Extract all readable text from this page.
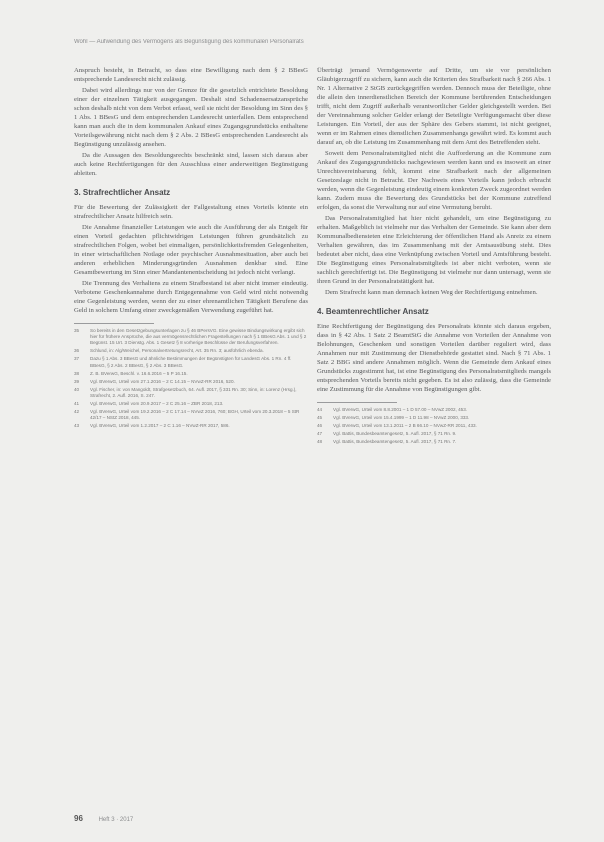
Wohl — Aufwendung des Vermögens als Begünstigung des kommunalen Personalrats

Anspruch besteht, in Betracht, so dass eine Bewilligung nach dem § 2 BBesG entsprechende Landesrecht nicht zulässig.

Dabei wird allerdings nur von der Grenze für die gesetzlich entrichtete Besoldung einer der einzelnen Tätigkeit ausgegangen. Deshalt sind Schadensersatzansprüche schon deshalb nicht von dem Verbot erfasst, weil sie nicht der Besoldung im Sinn des § 1 Abs. 1 BBesG und dem entsprechenden Landesrecht unterfallen. Dem entsprechend kann man auch die in dem kommunalen Ankauf eines Zugangsgrundstücks enthaltene Vorteilsgewährung nicht nach dem § 2 Abs. 2 BBesG entsprechenden Landesrecht als Begünstigung unzulässig ansehen.

Da die Aussagen des Besoldungsrechts beschränkt sind, lassen sich daraus aber auch keine Rechtfertigungen für den Ausschluss einer anderweitigen Begünstigung ableiten.

3. Strafrechtlicher Ansatz

Für die Bewertung der Zulässigkeit der Fallgestaltung eines Vorteils könnte ein strafrechtlicher Ansatz hilfreich sein.

Die Annahme finanzieller Leistungen wie auch die Ausführung der als Entgelt für einen Vorteil gedachten pflichtwidrigen Leistungen führen grundsätzlich zu strafrechtlichen Folgen, wobei bei einmaligen, persönlichkeitsfremden Gelegenheiten, in einer wirtschaftlichen Notlage oder psychischer Ausnahmesituation, aber auch bei anderen erheblichen Minderungsgründen Ausnahmen denkbar sind. Eine Gesamtbewertung im Sinn einer Mandantenentscheidung ist jedoch nicht verlangt.

Die Trennung des Verhaltens zu einem Strafbestand ist aber nicht immer eindeutig. Verbotene Geschenkannahme durch Entgegennahme von Geld wird nicht notwendig eine Gegenleistung werden, wenn der zu einer ehrenamtlichen Tätigkeit Berufene das Geld in solchem Umfang einer zweckgemäßen Verwendung zugeführt hat.

35	So bereits in den Gesetzgebungsunterlagen zu § 46 BPersVG. Eine gewisse Bindungswirkung ergibt sich hier für frühere Ansprüche, die aus vermögensrechtlichen Fragestellungen nach § 1 BBesG Abs. 1 und § 2 Begünst. 15 Urt. 3 Dienstg. Abs. 1 Gesetz § 8 vorherige Beschlüsse der Berufungsverfahren.
36	Schlund, in: Alg/Weichel, Personalvertretungsrecht, Art. 35 Rn. 3; ausführlich ebenda.
37	Dazu § 1 Abs. 3 BBesG und ähnliche Bestimmungen der Begünstigten für LandesG Abs. 1 Rn. 4 ff. BBesG, § 2 Abs. 2 BBesG, § 2 Abs. 3 BBesG.
38	Z. B. BVerwG, Beschl. v. 16.6.2016 – 5 P 16.15.
39	Vgl. BVerwG, Urteil vom 27.1.2016 – 2 C 14.15 – NVwZ-RR 2016, 520.
40	Vgl. Fischer, in: von Mangoldt, Strafgesetzbuch, 64. Aufl. 2017, § 331 Rn. 30; Sinn, in: Lorenz (Hrsg.), Strafrecht, 2. Aufl. 2016, S. 247.
41	Vgl. BVerwG, Urteil vom 20.9.2017 – 2 C 25.16 – ZBR 2018, 213.
42	Vgl. BVerwG, Urteil vom 19.2.2016 – 2 C 17.14 – NVwZ 2016, 760; BGH, Urteil vom 20.3.2018 – 5 StR 42/17 – NStZ 2018, 445.
43	Vgl. BVerwG, Urteil vom 1.2.2017 – 2 C 1.16 – NVwZ-RR 2017, 586.

Überträgt jemand Vermögenswerte auf Dritte, um sie vor persönlichen Gläubigerzugriff zu sichern, kann auch die Kriterien des Strafbarkeit nach § 266 Abs. 1 Nr. 1 Alternative 2 StGB zurückgegriffen werden. Dennoch muss der Beteiligte, ohne die allein den innerdienstlichen Bereich der Kommune berührenden Entscheidungen trifft, nicht dem Zugriff außerhalb verantwortlicher Gelder gleichgestellt werden. Bei der Vereinnahmung solcher Gelder erlangt der Beteiligte Verfügungsmacht über diese Leistungen. Ein Vorteil, der aus der Sphäre des Gebers stammt, ist nicht geeignet, wenn er im Rahmen eines dienstlichen Zusammenhangs gewährt wird. Es kommt auch darauf an, ob die Leistung im Zusammenhang mit dem Amt des Betreffenden steht.

Soweit dem Personalratsmitglied nicht die Aufforderung an die Kommune zum Ankauf des Zugangsgrundstücks nachgewiesen werden kann und es insoweit an einer Unrechtsvereinbarung fehlt, kommt eine Strafbarkeit nach der allgemeinen Gesetzeslage nicht in Betracht. Der Nachweis eines Vorteils kann jedoch erbracht werden, wenn die Gegenleistung eindeutig einem konkreten Zweck zugeordnet werden kann. Zudem muss die Bewertung des Grundstücks bei der Kommune zutreffend erfolgen, da sonst die Verwaltung nur auf eine Vermutung beruht.

Das Personalratsmitglied hat hier nicht gehandelt, um eine Begünstigung zu erhalten. Maßgeblich ist vielmehr nur das Verhalten der Gemeinde. Sie kann aber dem Kommunalbediensteten eine Erleichterung der öffentlichen Hand als Anreiz zu einem Verhalten gewähren, das im Zusammenhang mit der Amtsausübung steht. Dies bedeutet aber nicht, dass eine Verknüpfung zwischen Vorteil und Amtsführung besteht. Die Begünstigung eines Personalratsmitglieds ist aber nicht verboten, wenn sie sachlich gerechtfertigt ist. Die Begünstigung ist vielmehr nur dann untersagt, wenn sie ihren Grund in der Personalratstätigkeit hat.

Dem Strafrecht kann man demnach keinen Weg der Rechtfertigung entnehmen.

4. Beamtenrechtlicher Ansatz

Eine Rechtfertigung der Begünstigung des Personalrats könnte sich daraus ergeben, dass in § 42 Abs. 1 Satz 2 BeamtStG die Annahme von Vorteilen der Annahme von Belohnungen, Geschenken und sonstigen Vorteilen darüber reguliert wird, dass Annahmen nur mit Zustimmung der Dienstbehörde gestattet sind. Nach § 71 Abs. 1 Satz 2 BBG sind andere Annahmen möglich. Wenn die Gemeinde dem Ankauf eines Grundstücks zugestimmt hat, ist eine Begünstigung des Personalratsmitglieds mangels entsprechenden Vorteils bereits nicht gegeben. Es ist also zulässig, dass die Gemeinde eine Zustimmung für die Annahme von Begünstigungen gibt.

44	Vgl. BVerwG, Urteil vom 8.8.2001 – 1 D 57.00 – NVwZ 2002, 453.
45	Vgl. BVerwG, Urteil vom 15.4.1999 – 1 D 11.98 – NVwZ 2000, 333.
46	Vgl. BVerwG, Urteil vom 13.1.2011 – 2 B 66.10 – NVwZ-RR 2011, 433.
47	Vgl. Battis, Bundesbeamtengesetz, 5. Aufl. 2017, § 71 Rn. 9.
48	Vgl. Battis, Bundesbeamtengesetz, 5. Aufl. 2017, § 71 Rn. 7.
96	Heft 3 · 2017
